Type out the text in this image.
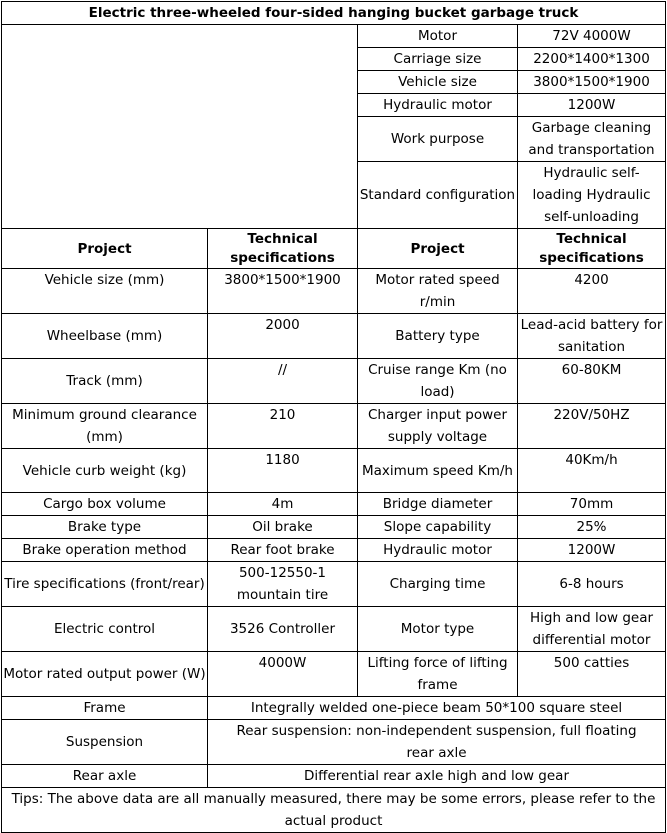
Electric three-wheeled four-sided hanging bucket garbage truck			
		Motor	72V 4000W
		Carriage size	2200*1400*1300
		Vehicle size	3800*1500*1900
		Hydraulic motor	1200W
		Work purpose	Garbage cleaning and transportation
		Standard configuration	Hydraulic self-loading Hydraulic self-unloading
Project	Technical specifications	Project	Technical specifications
Vehicle size (mm)	3800*1500*1900	Motor rated speed r/min	4200
Wheelbase (mm)	2000	Battery type	Lead-acid battery for sanitation
Track (mm)	//	Cruise range Km (no load)	60-80KM
Minimum ground clearance (mm)	210	Charger input power supply voltage	220V/50HZ
Vehicle curb weight (kg)	1180	Maximum speed Km/h	40Km/h
Cargo box volume	4m	Bridge diameter	70mm
Brake type	Oil brake	Slope capability	25%
Brake operation method	Rear foot brake	Hydraulic motor	1200W
Tire specifications (front/rear)	500-12550-1 mountain tire	Charging time	6-8 hours
Electric control	3526 Controller	Motor type	High and low gear differential motor
Motor rated output power (W)	4000W	Lifting force of lifting frame	500 catties
Frame	Integrally welded one-piece beam 50*100 square steel		
Suspension	Rear suspension: non-independent suspension, full floating rear axle		
Rear axle	Differential rear axle high and low gear		
Tips: The above data are all manually measured, there may be some errors, please refer to the actual product			
